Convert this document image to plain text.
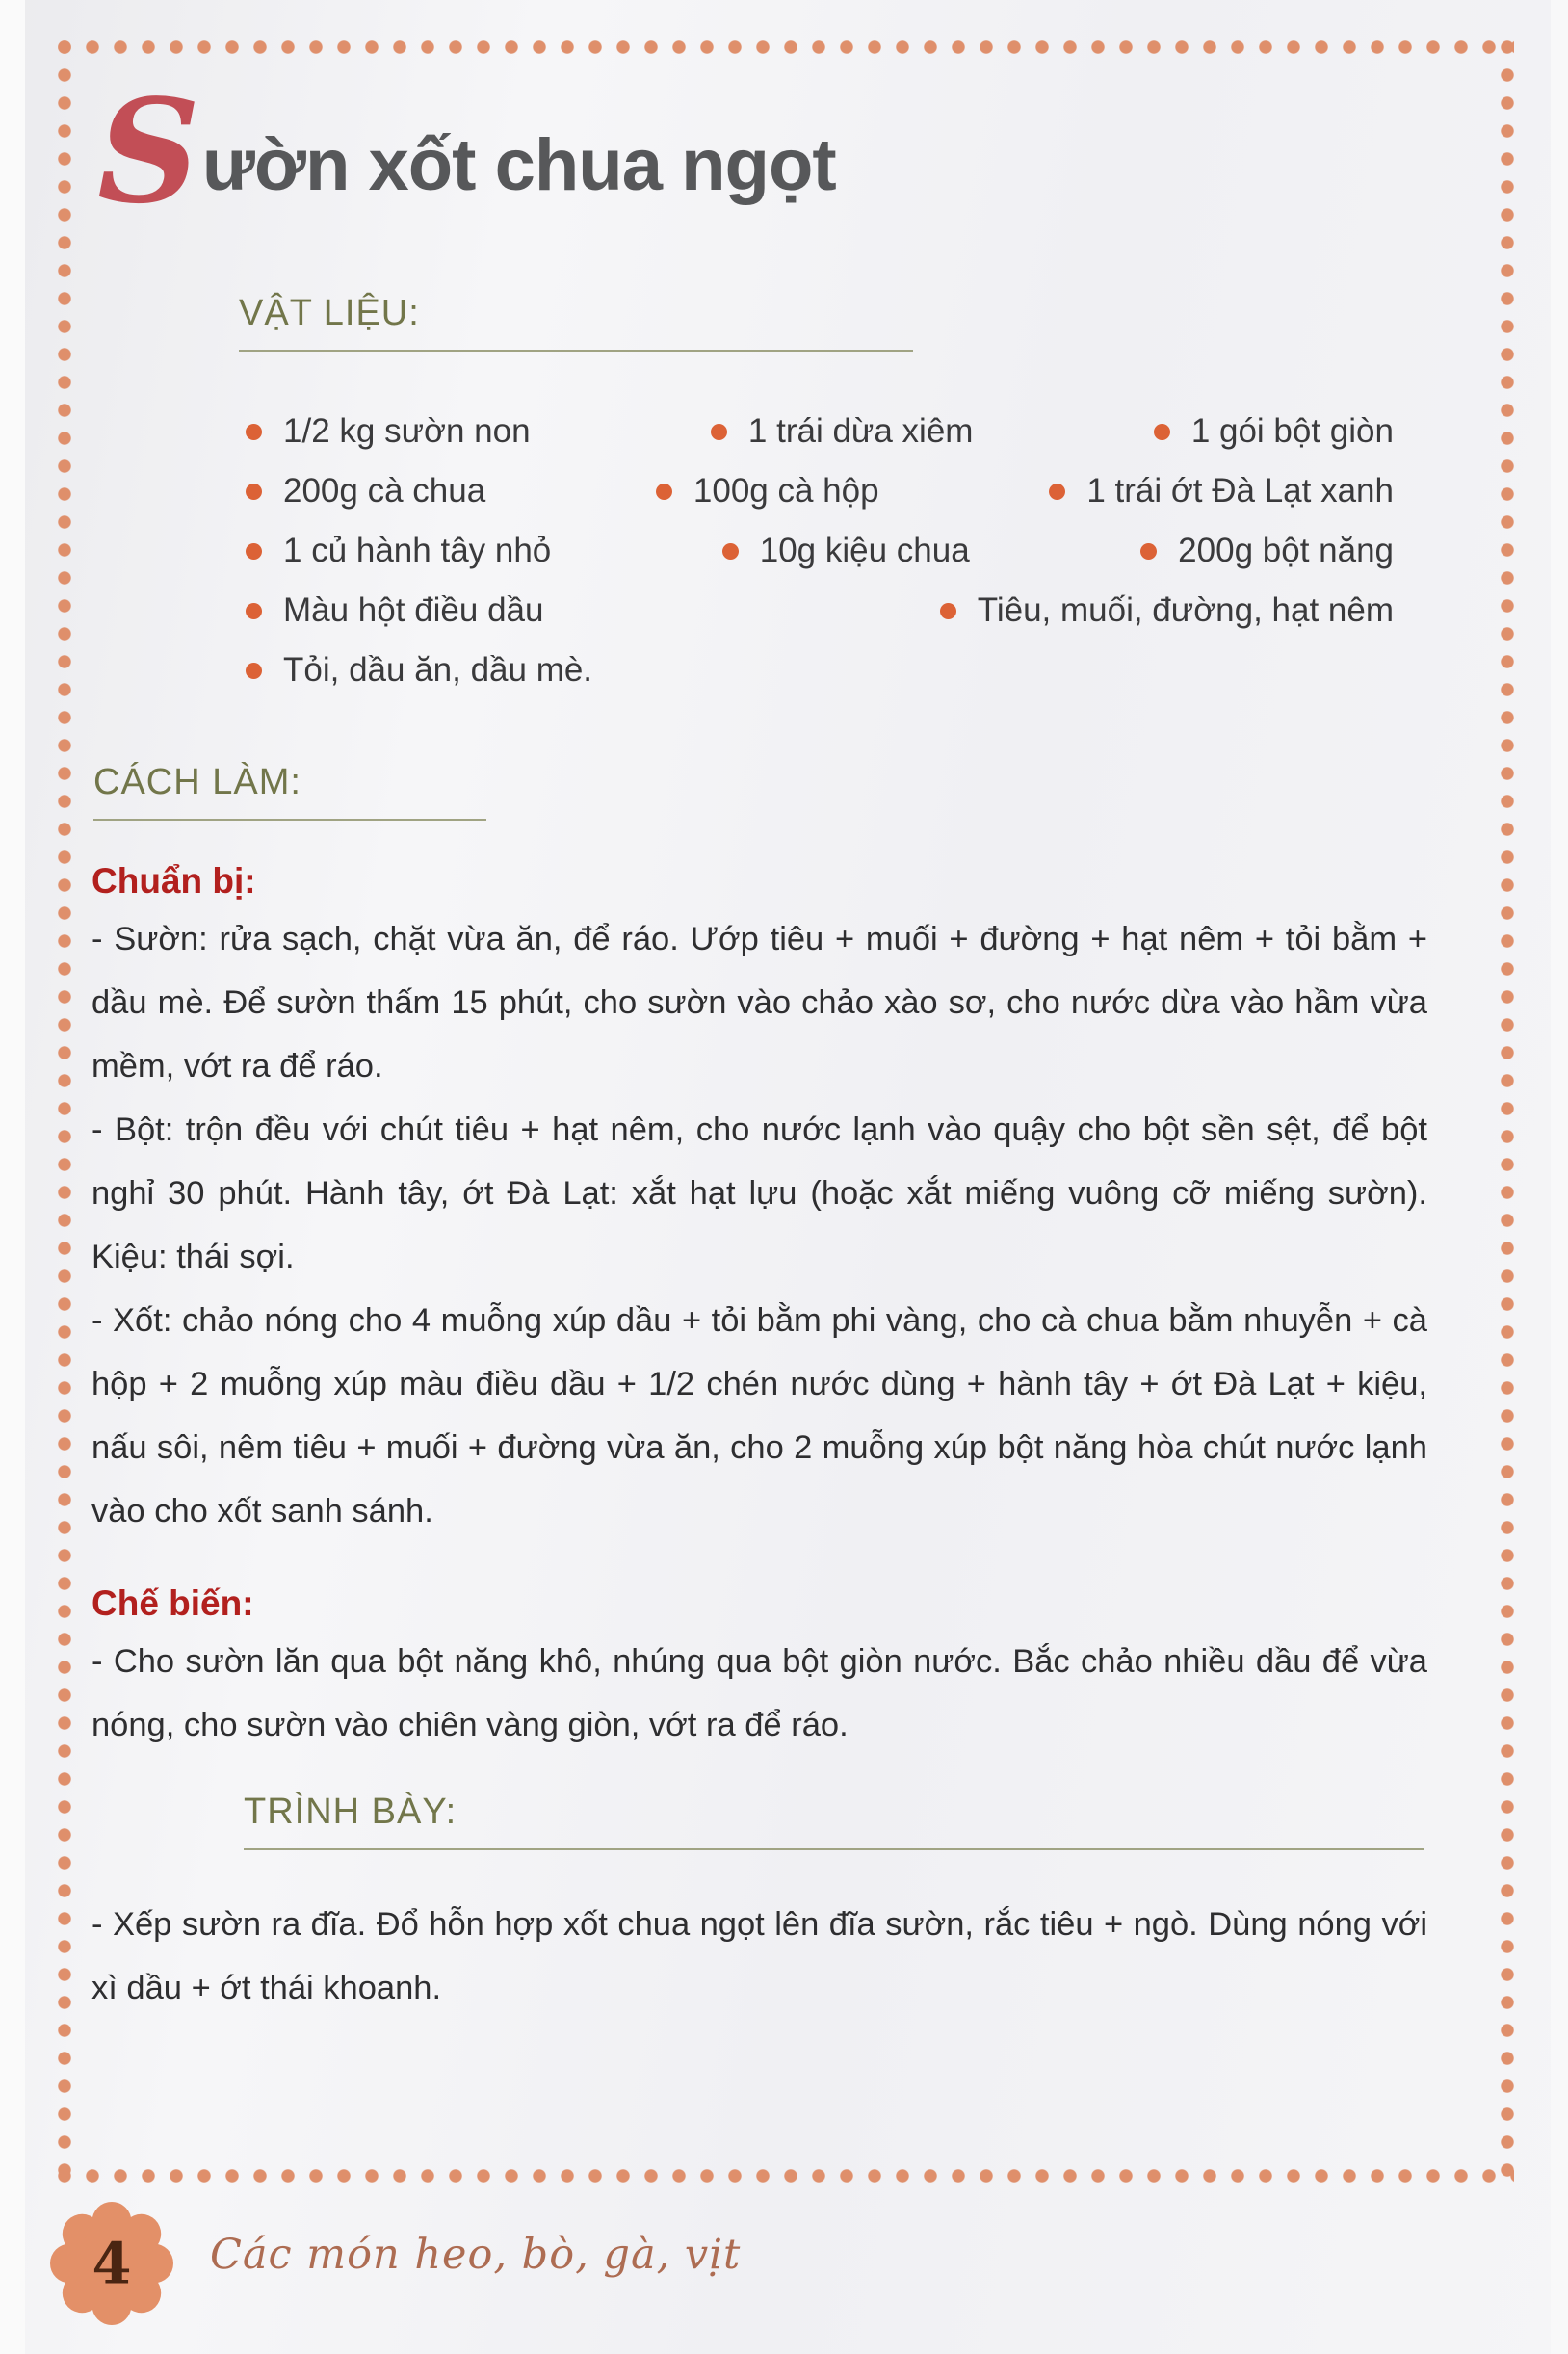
S ườn xốt chua ngọt
VẬT LIỆU:
1/2 kg sườn non	1 trái dừa xiêm	1 gói bột giòn
200g cà chua	100g cà hộp	1 trái ớt Đà Lạt xanh
1 củ hành tây nhỏ	10g kiệu chua	200g bột năng
Màu hột điều dầu	Tiêu, muối, đường, hạt nêm
Tỏi, dầu ăn, dầu mè.
CÁCH LÀM:
Chuẩn bị:

- Sườn: rửa sạch, chặt vừa ăn, để ráo. Ướp tiêu + muối + đường + hạt nêm + tỏi bằm + dầu mè. Để sườn thấm 15 phút, cho sườn vào chảo xào sơ, cho nước dừa vào hầm vừa mềm, vớt ra để ráo.

- Bột: trộn đều với chút tiêu + hạt nêm, cho nước lạnh vào quậy cho bột sền sệt, để bột nghỉ 30 phút. Hành tây, ớt Đà Lạt: xắt hạt lựu (hoặc xắt miếng vuông cỡ miếng sườn). Kiệu: thái sợi.

- Xốt: chảo nóng cho 4 muỗng xúp dầu + tỏi bằm phi vàng, cho cà chua bằm nhuyễn + cà hộp + 2 muỗng xúp màu điều dầu + 1/2 chén nước dùng + hành tây + ớt Đà Lạt + kiệu, nấu sôi, nêm tiêu + muối + đường vừa ăn, cho 2 muỗng xúp bột năng hòa chút nước lạnh vào cho xốt sanh sánh.

Chế biến:

- Cho sườn lăn qua bột năng khô, nhúng qua bột giòn nước. Bắc chảo nhiều dầu để vừa nóng, cho sườn vào chiên vàng giòn, vớt ra để ráo.

TRÌNH BÀY:

- Xếp sườn ra đĩa. Đổ hỗn hợp xốt chua ngọt lên đĩa sườn, rắc tiêu + ngò. Dùng nóng với xì dầu + ớt thái khoanh.

4 Các món heo, bò, gà, vịt
